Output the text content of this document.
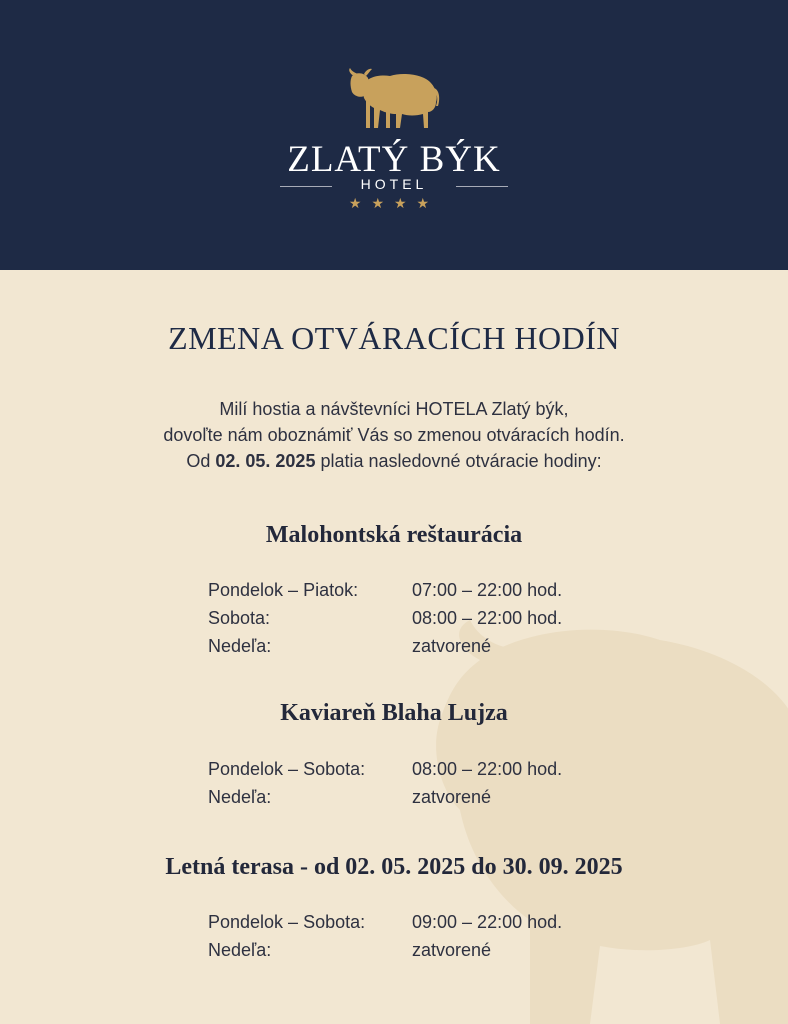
ZLATÝ BÝK
HOTEL
★★★★
ZMENA OTVÁRACÍCH HODÍN
Milí hostia a návštevníci HOTELA Zlatý býk,
dovoľte nám oboznámiť Vás so zmenou otváracích hodín.
Od 02. 05. 2025 platia nasledovné otváracie hodiny:
Malohontská reštaurácia
Pondelok – Piatok:	07:00 – 22:00 hod.
Sobota:	08:00 – 22:00 hod.
Nedeľa:	zatvorené
Kaviareň Blaha Lujza
Pondelok – Sobota:	08:00 – 22:00 hod.
Nedeľa:	zatvorené
Letná terasa - od 02. 05. 2025 do 30. 09. 2025
Pondelok – Sobota:	09:00 – 22:00 hod.
Nedeľa:	zatvorené
